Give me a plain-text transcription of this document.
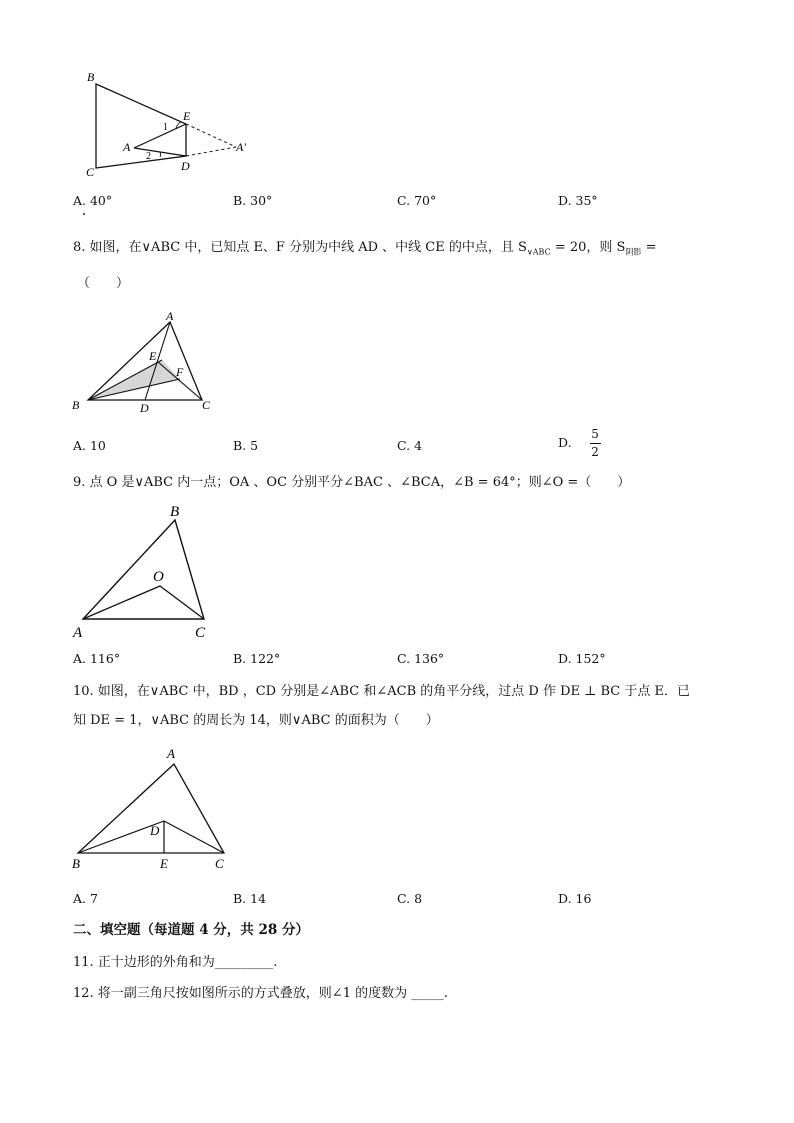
B
E
1
A
2
A'
C	D
A. 40°	B. 30°	C. 70°	D. 35°
8. 如图，在∨ABC 中，已知点 E、F 分别为中线 AD 、中线 CE 的中点，且 $S_{\vee ABC} = 20$，则 $S_{阴影}$ =
（　　）
A
E
F
B	D	C
A. 10	B. 5	C. 4	D. $\frac{5}{2}$
9. 点 O 是∨ABC 内一点；OA 、OC 分别平分∠BAC 、∠BCA，∠B = 64°；则∠O =（　　）
B
O
A	C
A. 116°	B. 122°	C. 136°	D. 152°
10. 如图，在∨ABC 中，BD ，CD 分别是∠ABC 和∠ACB 的角平分线，过点 D 作 DE ⊥ BC 于点 E．已
知 DE = 1，∨ABC 的周长为 14，则∨ABC 的面积为（　　）
A
D
B	E	C
A. 7	B. 14	C. 8	D. 16
二、填空题（每道题 4 分，共 28 分）
11. 正十边形的外角和为_________.
12. 将一副三角尺按如图所示的方式叠放，则∠1 的度数为 _____.
